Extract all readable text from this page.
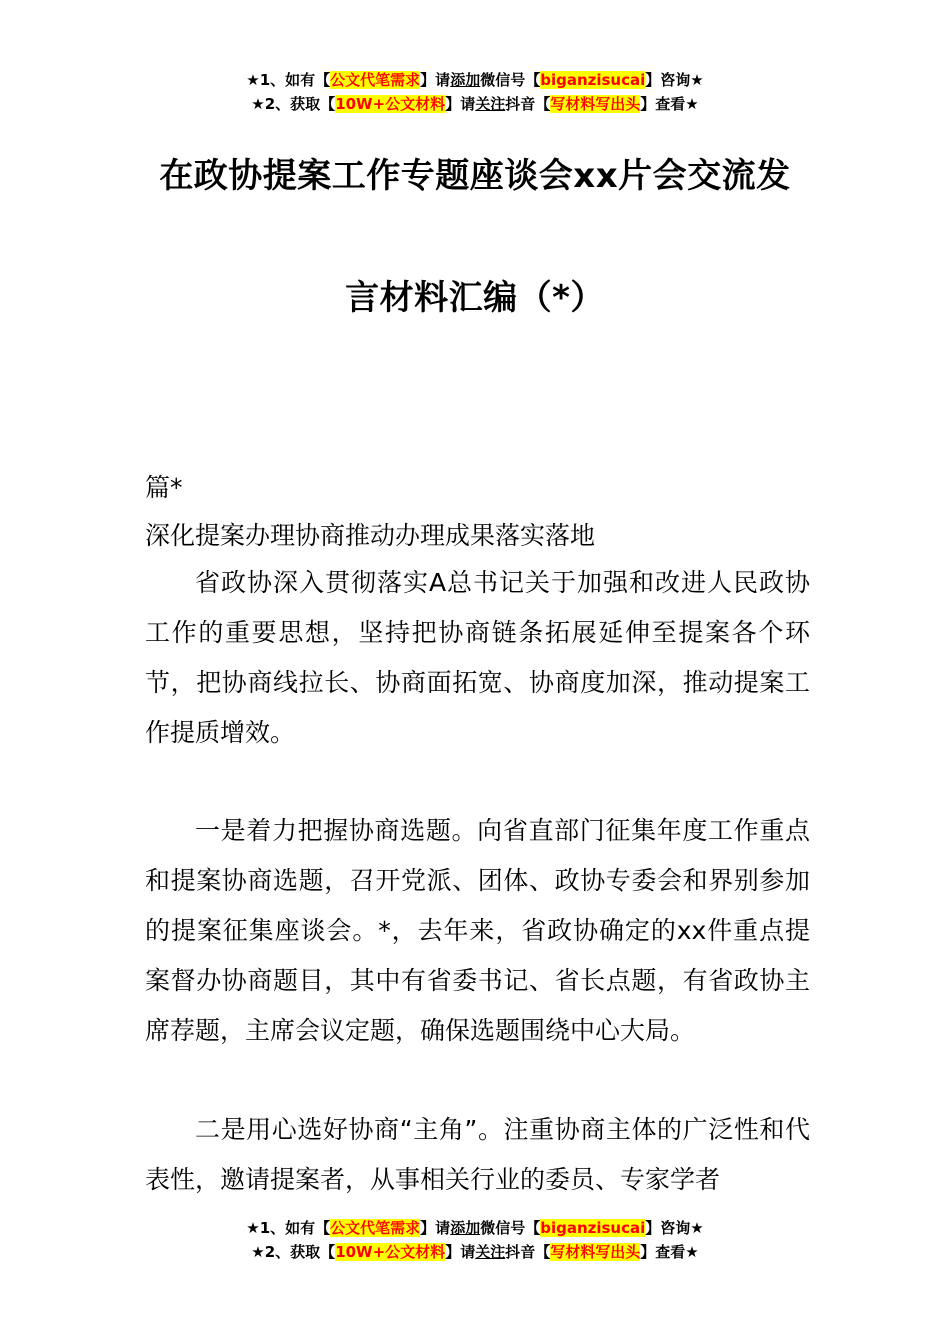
★1、如有【公文代笔需求】请添加微信号【biganzisucai】咨询★
★2、获取【10W+公文材料】请关注抖音【写材料写出头】查看★
在政协提案工作专题座谈会xx片会交流发
言材料汇编（*）
篇*
深化提案办理协商推动办理成果落实落地

省政协深入贯彻落实A总书记关于加强和改进人民政协工作的重要思想，坚持把协商链条拓展延伸至提案各个环节，把协商线拉长、协商面拓宽、协商度加深，推动提案工作提质增效。

一是着力把握协商选题。向省直部门征集年度工作重点和提案协商选题，召开党派、团体、政协专委会和界别参加的提案征集座谈会。*，去年来，省政协确定的xx件重点提案督办协商题目，其中有省委书记、省长点题，有省政协主席荐题，主席会议定题，确保选题围绕中心大局。

二是用心选好协商“主角”。注重协商主体的广泛性和代表性，邀请提案者，从事相关行业的委员、专家学者

★1、如有【公文代笔需求】请添加微信号【biganzisucai】咨询★
★2、获取【10W+公文材料】请关注抖音【写材料写出头】查看★
